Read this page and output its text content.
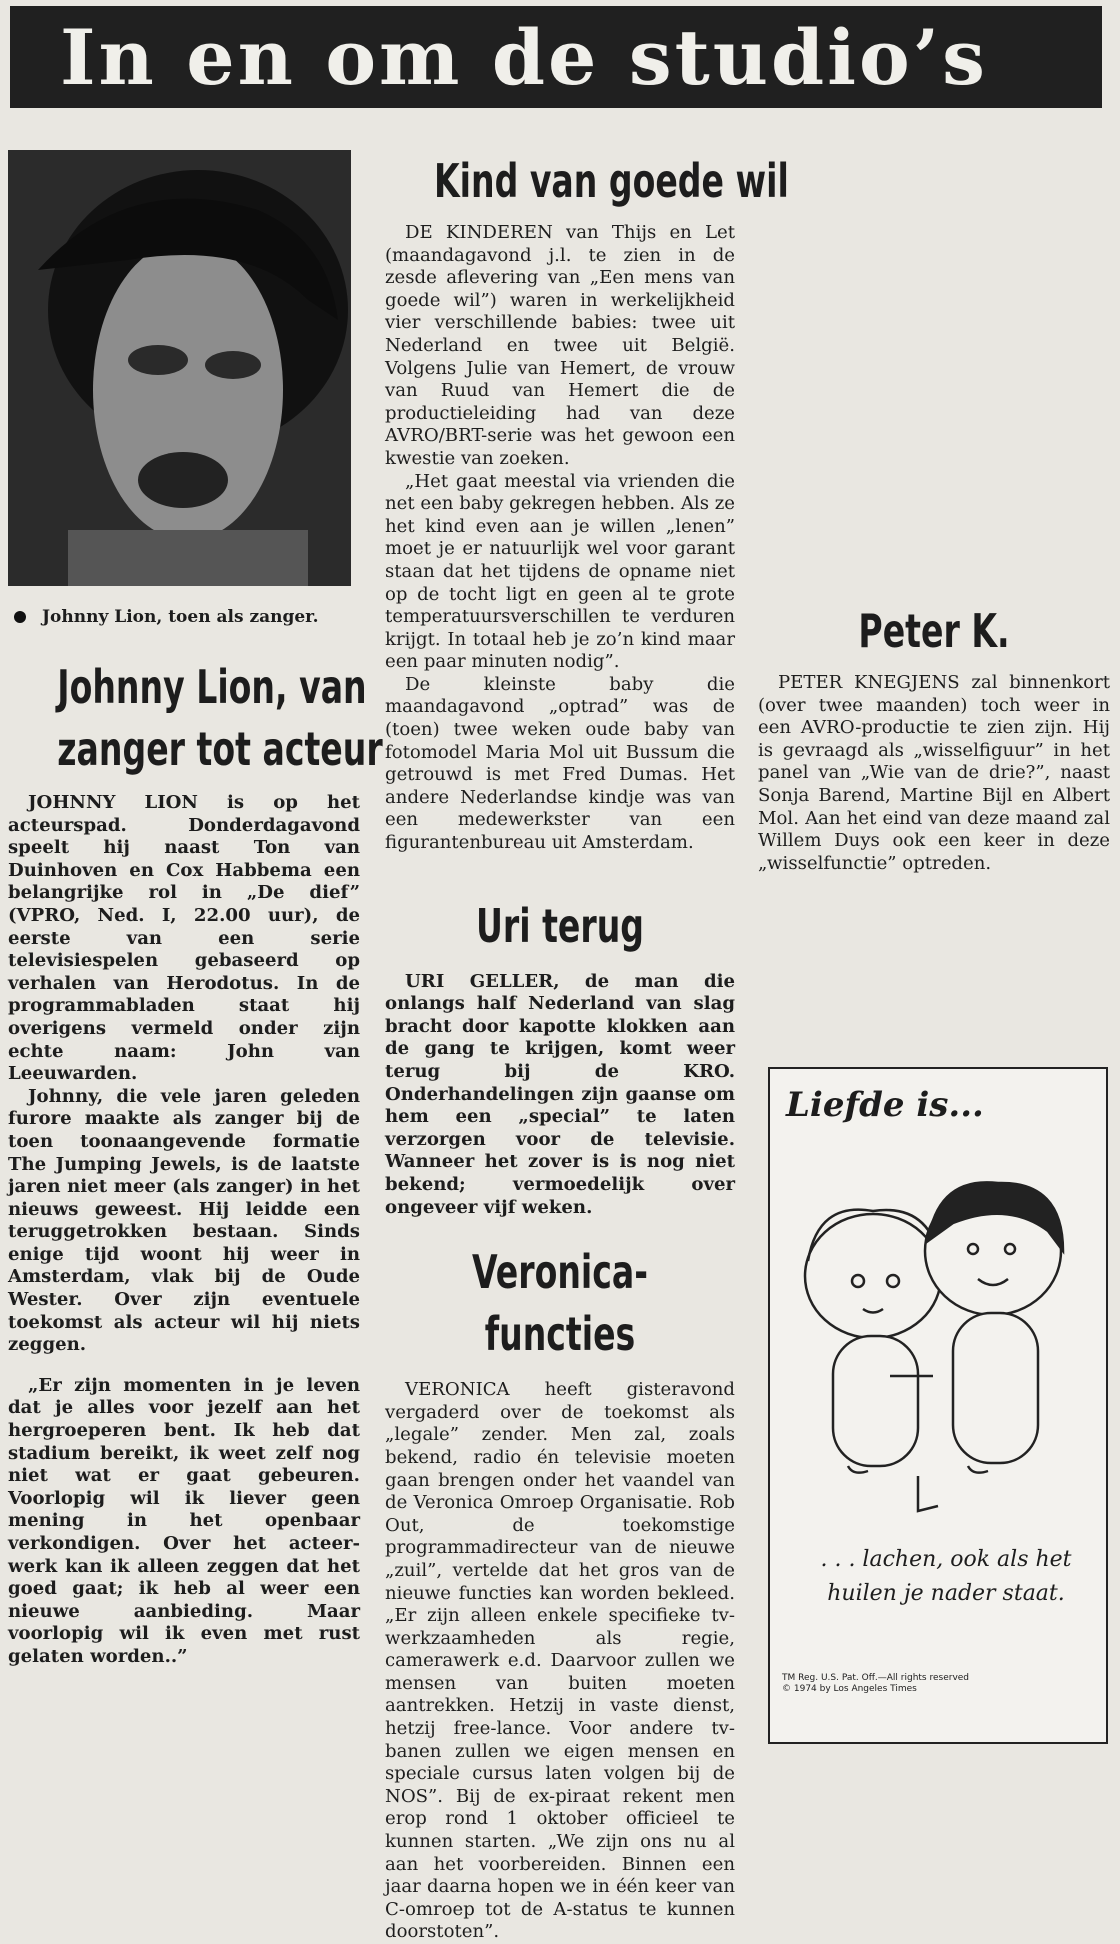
In en om de studio’s
Johnny Lion, toen als zanger.

Johnny Lion, van

zanger tot acteur

JOHNNY LION is op het acteurspad. Donderdagavond speelt hij naast Ton van Duinhoven en Cox Habbema een belangrijke rol in „De dief” (VPRO, Ned. I, 22.00 uur), de eerste van een serie televisiespelen gebaseerd op verhalen van Herodotus. In de programmabladen staat hij overigens vermeld onder zijn echte naam: John van Leeuwarden.

Johnny, die vele jaren geleden furore maakte als zanger bij de toen toonaangevende formatie The Jumping Jewels, is de laatste jaren niet meer (als zanger) in het nieuws geweest. Hij leidde een teruggetrokken bestaan. Sinds enige tijd woont hij weer in Amsterdam, vlak bij de Oude Wester. Over zijn eventuele toekomst als acteur wil hij niets zeggen.

„Er zijn momenten in je leven dat je alles voor jezelf aan het hergroeperen bent. Ik heb dat stadium bereikt, ik weet zelf nog niet wat er gaat gebeuren. Voorlopig wil ik liever geen mening in het openbaar verkondigen. Over het acteer-werk kan ik alleen zeggen dat het goed gaat; ik heb al weer een nieuwe aanbieding. Maar voorlopig wil ik even met rust gelaten worden..”

Kind van goede wil

DE KINDEREN van Thijs en Let (maandagavond j.l. te zien in de zesde aflevering van „Een mens van goede wil”) waren in werkelijkheid vier verschillende babies: twee uit Nederland en twee uit België. Volgens Julie van Hemert, de vrouw van Ruud van Hemert die de productieleiding had van deze AVRO/BRT-serie was het gewoon een kwestie van zoeken.

„Het gaat meestal via vrienden die net een baby gekregen hebben. Als ze het kind even aan je willen „lenen” moet je er natuurlijk wel voor garant staan dat het tijdens de opname niet op de tocht ligt en geen al te grote temperatuursverschillen te verduren krijgt. In totaal heb je zo’n kind maar een paar minuten nodig”.

De kleinste baby die maandagavond „optrad” was de (toen) twee weken oude baby van fotomodel Maria Mol uit Bussum die getrouwd is met Fred Dumas. Het andere Nederlandse kindje was van een medewerkster van een figurantenbureau uit Amsterdam.

Uri terug

URI GELLER, de man die onlangs half Nederland van slag bracht door kapotte klokken aan de gang te krijgen, komt weer terug bij de KRO. Onderhandelingen zijn gaanse om hem een „special” te laten verzorgen voor de televisie. Wanneer het zover is is nog niet bekend; vermoedelijk over ongeveer vijf weken.

Veronica-

functies

VERONICA heeft gisteravond vergaderd over de toekomst als „legale” zender. Men zal, zoals bekend, radio én televisie moeten gaan brengen onder het vaandel van de Veronica Omroep Organisatie. Rob Out, de toekomstige programmadirecteur van de nieuwe „zuil”, vertelde dat het gros van de nieuwe functies kan worden bekleed. „Er zijn alleen enkele specifieke tv-werkzaamheden als regie, camerawerk e.d. Daarvoor zullen we mensen van buiten moeten aantrekken. Hetzij in vaste dienst, hetzij free-lance. Voor andere tv-banen zullen we eigen mensen en speciale cursus laten volgen bij de NOS”. Bij de ex-piraat rekent men erop rond 1 oktober officieel te kunnen starten. „We zijn ons nu al aan het voorbereiden. Binnen een jaar daarna hopen we in één keer van C-omroep tot de A-status te kunnen doorstoten”.

Peter K.

PETER KNEGJENS zal binnenkort (over twee maanden) toch weer in een AVRO-productie te zien zijn. Hij is gevraagd als „wisselfiguur” in het panel van „Wie van de drie?”, naast Sonja Barend, Martine Bijl en Albert Mol. Aan het eind van deze maand zal Willem Duys ook een keer in deze „wisselfunctie” optreden.

Liefde is...

. . . lachen, ook als het huilen je nader staat.

TM Reg. U.S. Pat. Off.—All rights reserved

© 1974 by Los Angeles Times
